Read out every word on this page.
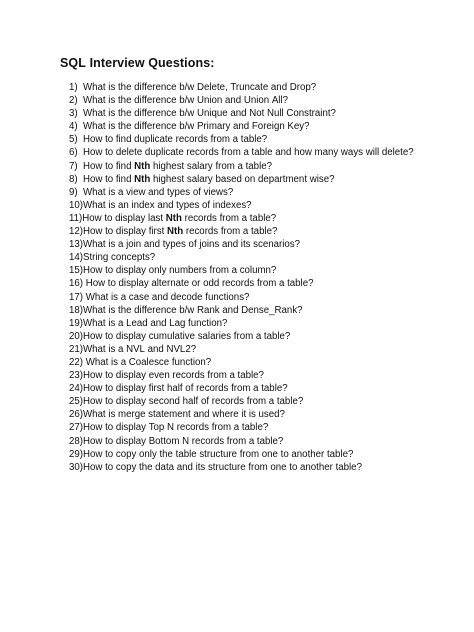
SQL Interview Questions:
1) What is the difference b/w Delete, Truncate and Drop?
2) What is the difference b/w Union and Union All?
3) What is the difference b/w Unique and Not Null Constraint?
4) What is the difference b/w Primary and Foreign Key?
5) How to find duplicate records from a table?
6) How to delete duplicate records from a table and how many ways will delete?
7) How to find Nth highest salary from a table?
8) How to find Nth highest salary based on department wise?
9) What is a view and types of views?
10) What is an index and types of indexes?
11) How to display last Nth records from a table?
12) How to display first Nth records from a table?
13) What is a join and types of joins and its scenarios?
14) String concepts?
15) How to display only numbers from a column?
16) How to display alternate or odd records from a table?
17) What is a case and decode functions?
18) What is the difference b/w Rank and Dense_Rank?
19) What is a Lead and Lag function?
20) How to display cumulative salaries from a table?
21) What is a NVL and NVL2?
22) What is a Coalesce function?
23) How to display even records from a table?
24) How to display first half of records from a table?
25) How to display second half of records from a table?
26) What is merge statement and where it is used?
27) How to display Top N records from a table?
28) How to display Bottom N records from a table?
29) How to copy only the table structure from one to another table?
30) How to copy the data and its structure from one to another table?
